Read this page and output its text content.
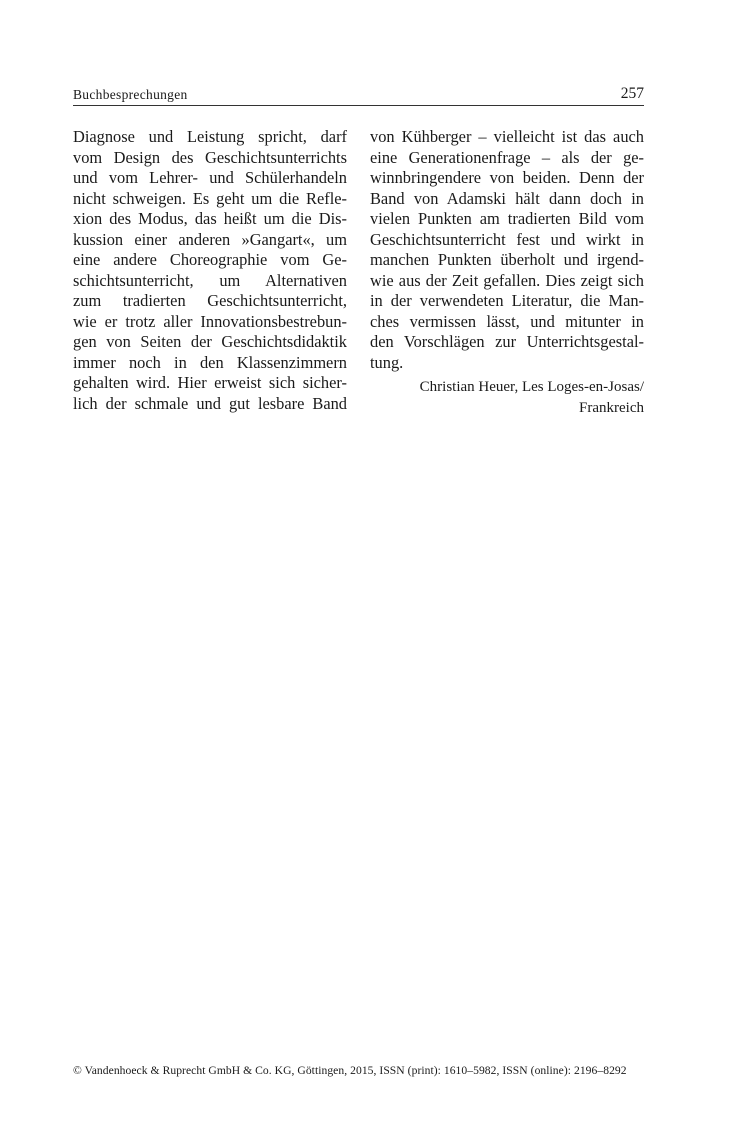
Buchbesprechungen	257
Diagnose und Leistung spricht, darf
vom Design des Geschichtsunterrichts
und vom Lehrer- und Schülerhandeln
nicht schweigen. Es geht um die Refle-
xion des Modus, das heißt um die Dis-
kussion einer anderen »Gangart«, um
eine andere Choreographie vom Ge-
schichtsunterricht, um Alternativen
zum tradierten Geschichtsunterricht,
wie er trotz aller Innovationsbestrebun-
gen von Seiten der Geschichtsdidaktik
immer noch in den Klassenzimmern
gehalten wird. Hier erweist sich sicher-
lich der schmale und gut lesbare Band
von Kühberger – vielleicht ist das auch
eine Generationenfrage – als der ge-
winnbringendere von beiden. Denn der
Band von Adamski hält dann doch in
vielen Punkten am tradierten Bild vom
Geschichtsunterricht fest und wirkt in
manchen Punkten überholt und irgend-
wie aus der Zeit gefallen. Dies zeigt sich
in der verwendeten Literatur, die Man-
ches vermissen lässt, und mitunter in
den Vorschlägen zur Unterrichtsgestal-
tung.
Christian Heuer, Les Loges-en-Josas/
Frankreich
© Vandenhoeck & Ruprecht GmbH & Co. KG, Göttingen, 2015, ISSN (print): 1610–5982, ISSN (online): 2196–8292
